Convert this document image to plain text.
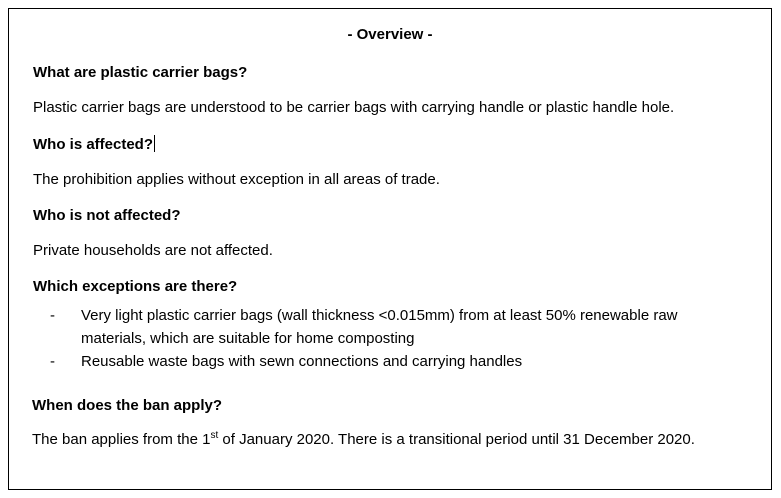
- Overview -
What are plastic carrier bags?
Plastic carrier bags are understood to be carrier bags with carrying handle or plastic handle hole.
Who is affected?
The prohibition applies without exception in all areas of trade.
Who is not affected?
Private households are not affected.
Which exceptions are there?
- Very light plastic carrier bags (wall thickness <0.015mm) from at least 50% renewable raw materials, which are suitable for home composting
- Reusable waste bags with sewn connections and carrying handles
When does the ban apply?
The ban applies from the 1st of January 2020. There is a transitional period until 31 December 2020.
